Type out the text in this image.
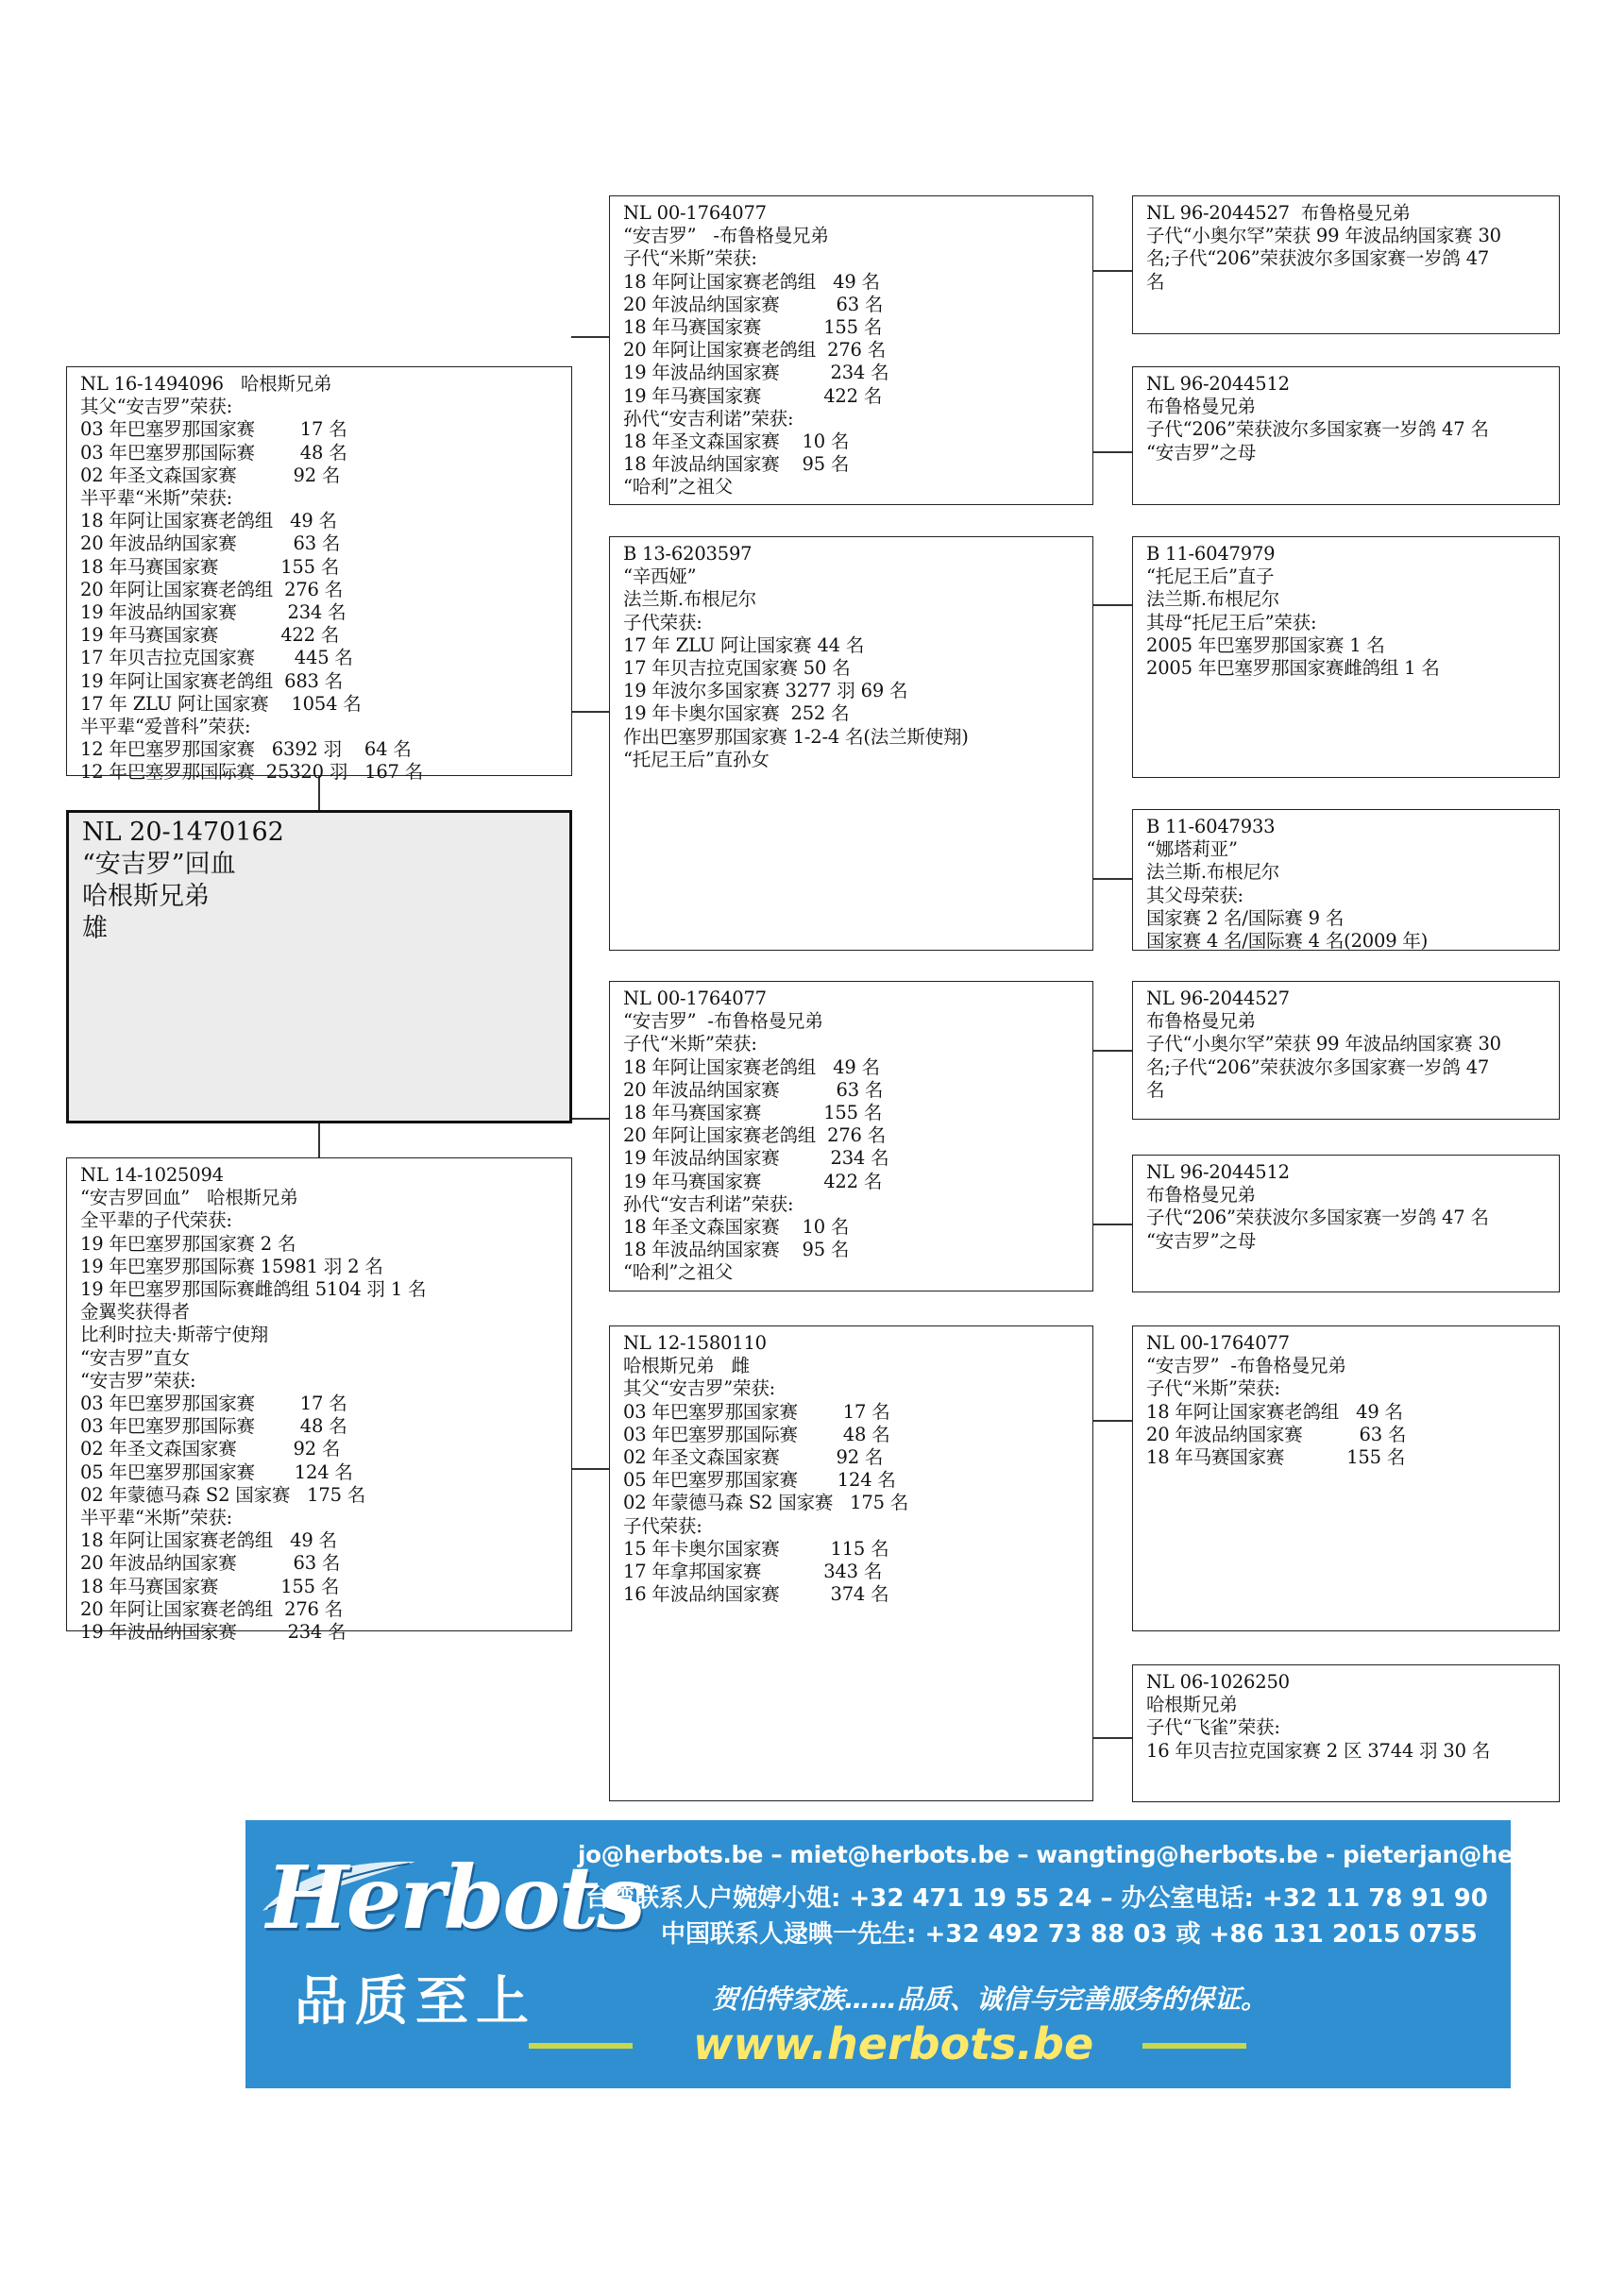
NL 16-1494096   哈根斯兄弟
其父“安吉罗”荣获:
03 年巴塞罗那国家赛        17 名
03 年巴塞罗那国际赛        48 名
02 年圣文森国家赛          92 名
半平辈“米斯”荣获:
18 年阿让国家赛老鸽组   49 名
20 年波品纳国家赛          63 名
18 年马赛国家赛           155 名
20 年阿让国家赛老鸽组  276 名
19 年波品纳国家赛         234 名
19 年马赛国家赛           422 名
17 年贝吉拉克国家赛       445 名
19 年阿让国家赛老鸽组  683 名
17 年 ZLU 阿让国家赛    1054 名
半平辈“爱普科”荣获:
12 年巴塞罗那国家赛   6392 羽    64 名
12 年巴塞罗那国际赛  25320 羽   167 名
NL 20-1470162
“安吉罗”回血
哈根斯兄弟
雄
NL 14-1025094
“安吉罗回血”   哈根斯兄弟
全平辈的子代荣获:
19 年巴塞罗那国家赛 2 名
19 年巴塞罗那国际赛 15981 羽 2 名
19 年巴塞罗那国际赛雌鸽组 5104 羽 1 名
金翼奖获得者
比利时拉夫·斯蒂宁使翔
“安吉罗”直女
“安吉罗”荣获:
03 年巴塞罗那国家赛        17 名
03 年巴塞罗那国际赛        48 名
02 年圣文森国家赛          92 名
05 年巴塞罗那国家赛       124 名
02 年蒙德马森 S2 国家赛   175 名
半平辈“米斯”荣获:
18 年阿让国家赛老鸽组   49 名
20 年波品纳国家赛          63 名
18 年马赛国家赛           155 名
20 年阿让国家赛老鸽组  276 名
19 年波品纳国家赛         234 名
NL 00-1764077
“安吉罗”   -布鲁格曼兄弟
子代“米斯”荣获:
18 年阿让国家赛老鸽组   49 名
20 年波品纳国家赛          63 名
18 年马赛国家赛           155 名
20 年阿让国家赛老鸽组  276 名
19 年波品纳国家赛         234 名
19 年马赛国家赛           422 名
孙代“安吉利诺”荣获:
18 年圣文森国家赛    10 名
18 年波品纳国家赛    95 名
“哈利”之祖父
B 13-6203597
“辛西娅”
法兰斯.布根尼尔
子代荣获:
17 年 ZLU 阿让国家赛 44 名
17 年贝吉拉克国家赛 50 名
19 年波尔多国家赛 3277 羽 69 名
19 年卡奥尔国家赛  252 名
作出巴塞罗那国家赛 1-2-4 名(法兰斯使翔)
“托尼王后”直孙女
NL 00-1764077
“安吉罗”  -布鲁格曼兄弟
子代“米斯”荣获:
18 年阿让国家赛老鸽组   49 名
20 年波品纳国家赛          63 名
18 年马赛国家赛           155 名
20 年阿让国家赛老鸽组  276 名
19 年波品纳国家赛         234 名
19 年马赛国家赛           422 名
孙代“安吉利诺”荣获:
18 年圣文森国家赛    10 名
18 年波品纳国家赛    95 名
“哈利”之祖父
NL 12-1580110
哈根斯兄弟   雌
其父“安吉罗”荣获:
03 年巴塞罗那国家赛        17 名
03 年巴塞罗那国际赛        48 名
02 年圣文森国家赛          92 名
05 年巴塞罗那国家赛       124 名
02 年蒙德马森 S2 国家赛   175 名
子代荣获:
15 年卡奥尔国家赛         115 名
17 年拿邦国家赛           343 名
16 年波品纳国家赛         374 名
NL 96-2044527  布鲁格曼兄弟
子代“小奥尔罕”荣获 99 年波品纳国家赛 30
名;子代“206”荣获波尔多国家赛一岁鸽 47
名
NL 96-2044512
布鲁格曼兄弟
子代“206”荣获波尔多国家赛一岁鸽 47 名
“安吉罗”之母
B 11-6047979
“托尼王后”直子
法兰斯.布根尼尔
其母“托尼王后”荣获:
2005 年巴塞罗那国家赛 1 名
2005 年巴塞罗那国家赛雌鸽组 1 名
B 11-6047933
“娜塔莉亚”
法兰斯.布根尼尔
其父母荣获:
国家赛 2 名/国际赛 9 名
国家赛 4 名/国际赛 4 名(2009 年)
NL 96-2044527
布鲁格曼兄弟
子代“小奥尔罕”荣获 99 年波品纳国家赛 30
名;子代“206”荣获波尔多国家赛一岁鸽 47
名
NL 96-2044512
布鲁格曼兄弟
子代“206”荣获波尔多国家赛一岁鸽 47 名
“安吉罗”之母
NL 00-1764077
“安吉罗”  -布鲁格曼兄弟
子代“米斯”荣获:
18 年阿让国家赛老鸽组   49 名
20 年波品纳国家赛          63 名
18 年马赛国家赛           155 名
NL 06-1026250
哈根斯兄弟
子代“飞雀”荣获:
16 年贝吉拉克国家赛 2 区 3744 羽 30 名
Herbots
品质至上
jo@herbots.be – miet@herbots.be – wangting@herbots.be - pieterjan@herbots.be
台湾联系人户婉婷小姐: +32 471 19 55 24 – 办公室电话: +32 11 78 91 90
中国联系人逯晪一先生: +32 492 73 88 03 或 +86 131 2015 0755
贺伯特家族……品质、诚信与完善服务的保证。
www.herbots.be
